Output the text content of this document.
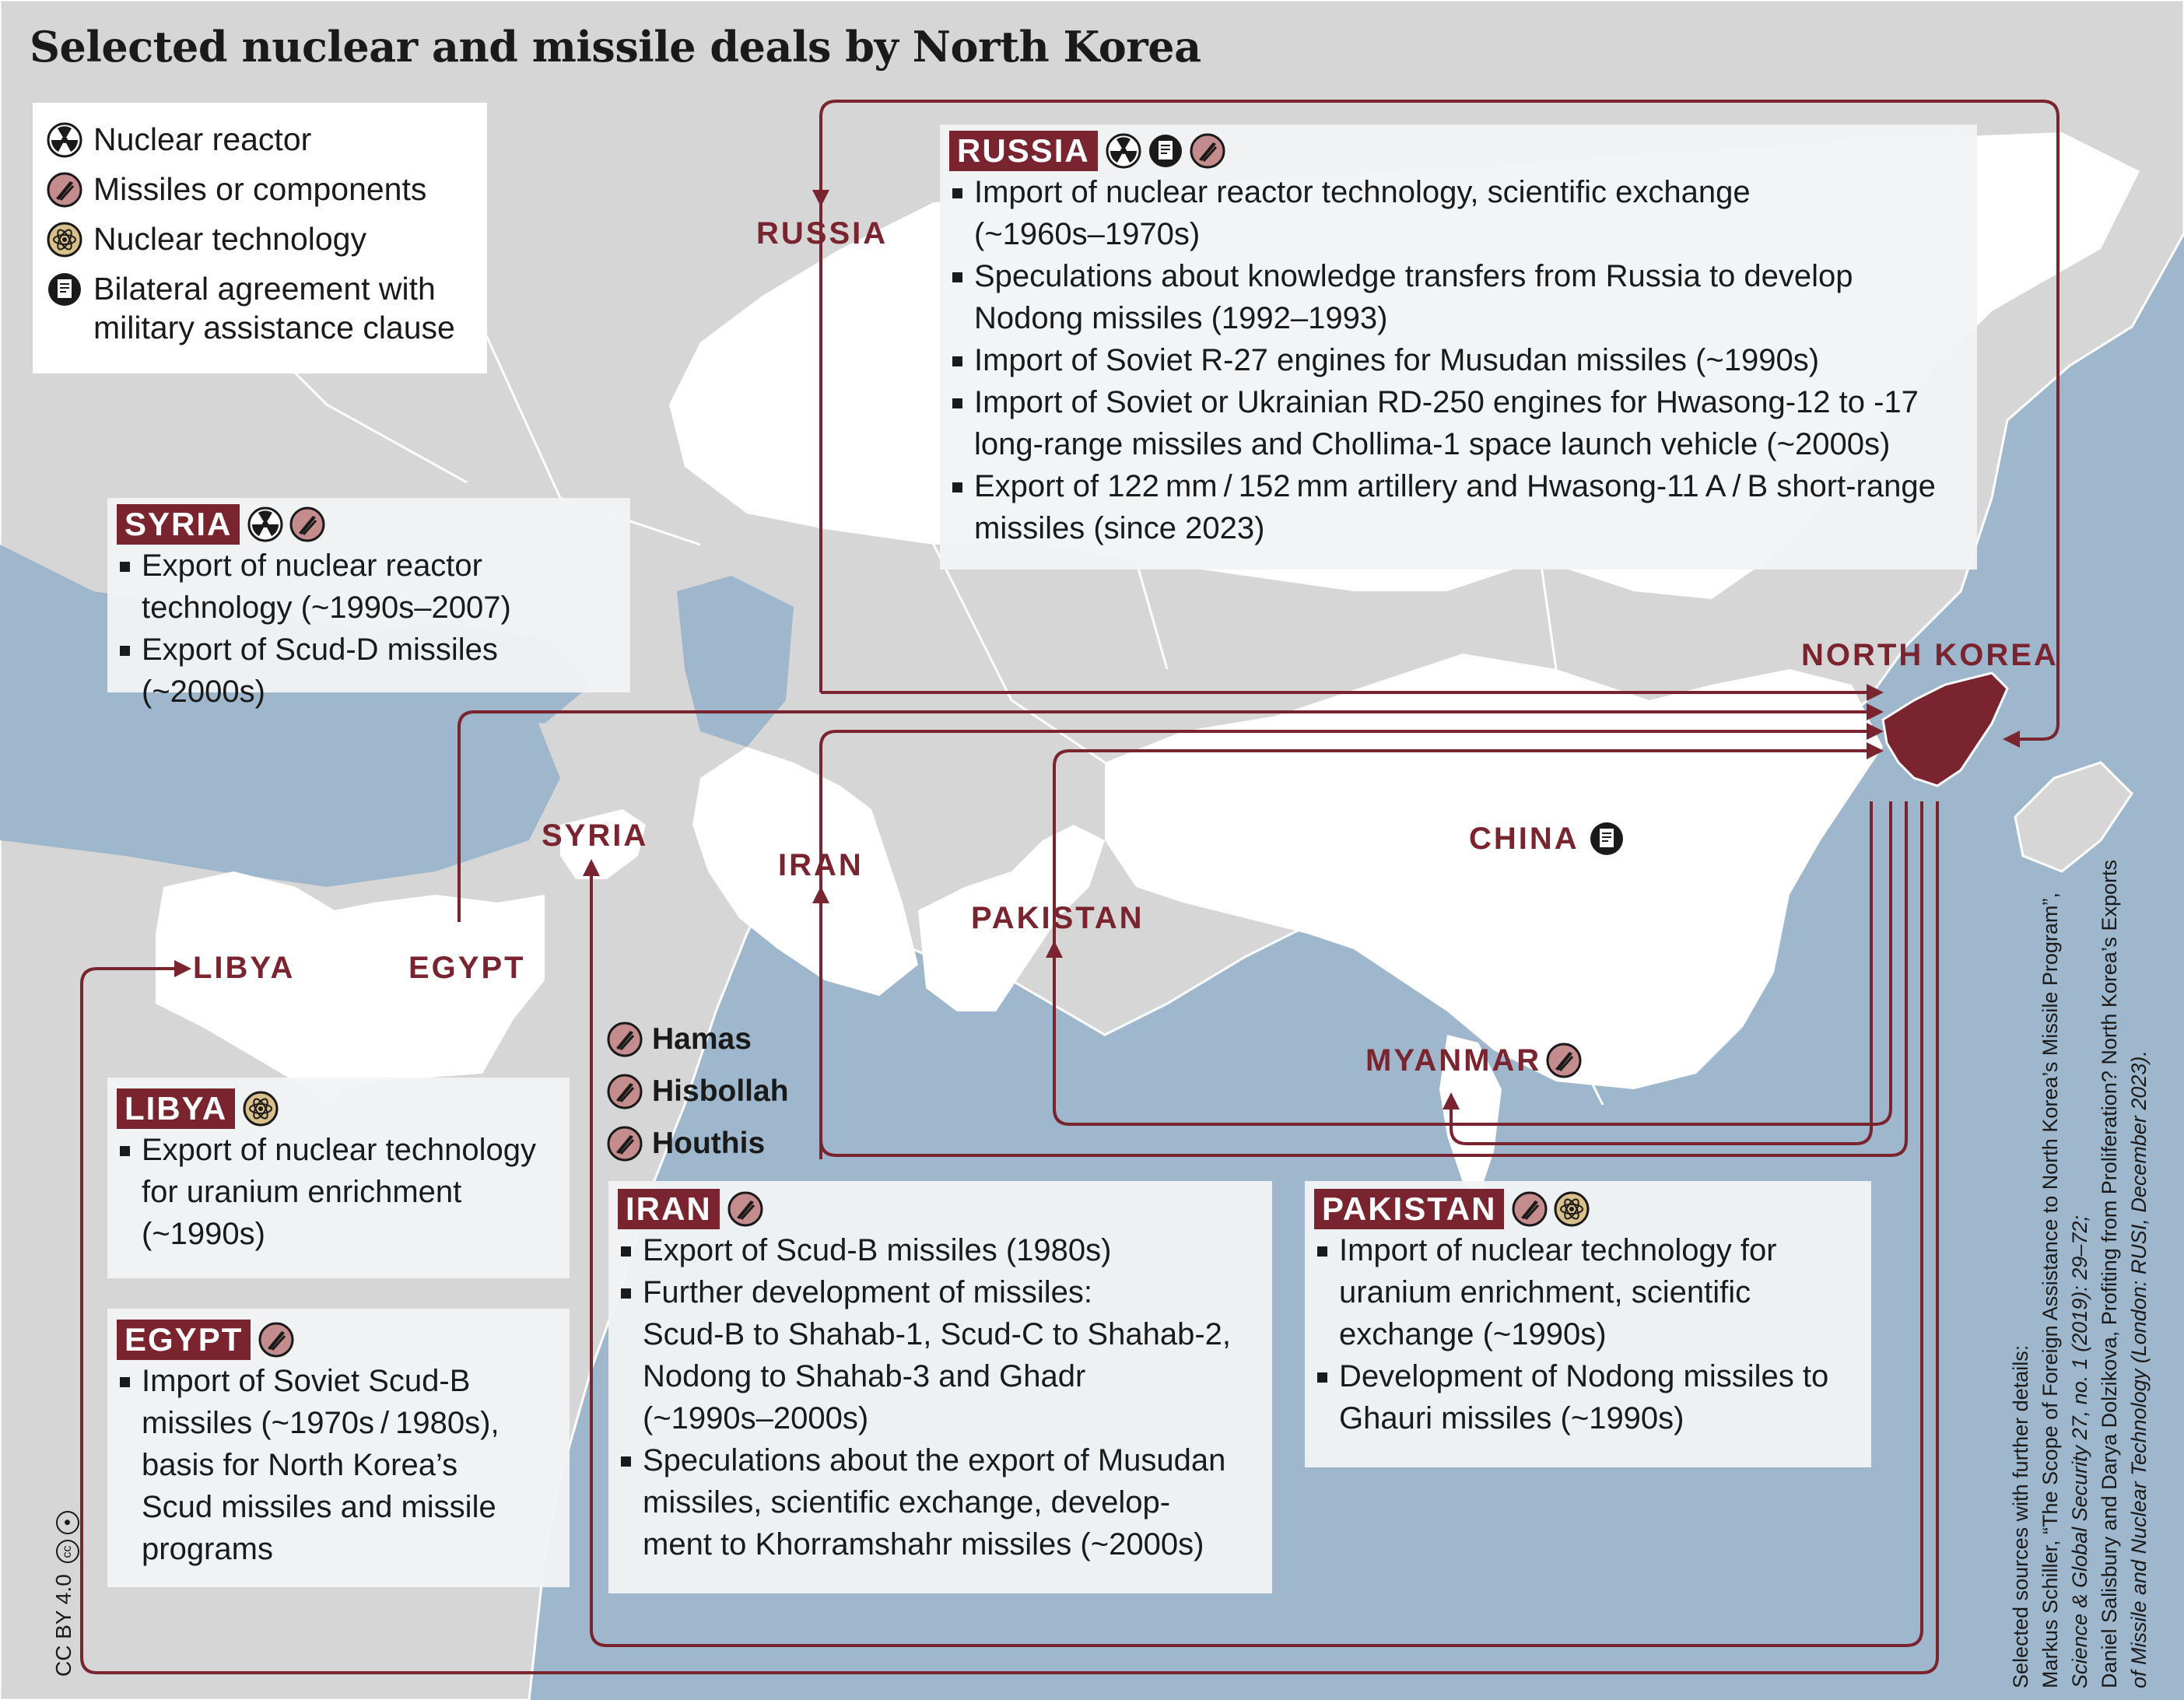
Selected nuclear and missile deals by North Korea
Nuclear reactor
Missiles or components
Nuclear technology
Bilateral agreement with
military assistance clause
RUSSIA
NORTH KOREA
CHINA
SYRIA
IRAN
PAKISTAN
LIBYA	EGYPT
MYANMAR
Hamas
Hisbollah
Houthis
RUSSIA
Import of nuclear reactor technology, scientific exchange
(~1960s–1970s)
Speculations about knowledge transfers from Russia to develop
Nodong missiles (1992–1993)
Import of Soviet R-27 engines for Musudan missiles (~1990s)
Import of Soviet or Ukrainian RD-250 engines for Hwasong-12 to -17
long-range missiles and Chollima-1 space launch vehicle (~2000s)
Export of 122 mm / 152 mm artillery and Hwasong-11 A / B short-range
missiles (since 2023)
SYRIA
Export of nuclear reactor
technology (~1990s–2007)
Export of Scud-D missiles (~2000s)
LIBYA
Export of nuclear technology
for uranium enrichment
(~1990s)
EGYPT
Import of Soviet Scud-B
missiles (~1970s / 1980s),
basis for North Korea’s
Scud missiles and missile
programs
IRAN
Export of Scud-B missiles (1980s)
Further development of missiles:
Scud-B to Shahab-1, Scud-C to Shahab-2,
Nodong to Shahab-3 and Ghadr
(~1990s–2000s)
Speculations about the export of Musudan
missiles, scientific exchange, develop-
ment to Khorramshahr missiles (~2000s)
PAKISTAN
Import of nuclear technology for
uranium enrichment, scientific
exchange (~1990s)
Development of Nodong missiles to
Ghauri missiles (~1990s)	Selected sources with further details: Markus Schiller, “The Scope of Foreign Assistance to North Korea’s Missile Program”, Science & Global Security 27, no. 1 (2019): 29–72; Daniel Salisbury and Darya Dolzikova, Profiting from Proliferation? North Korea’s Exports of Missile and Nuclear Technology (London: RUSI, December 2023).
CC BY 4.0 cc ●
